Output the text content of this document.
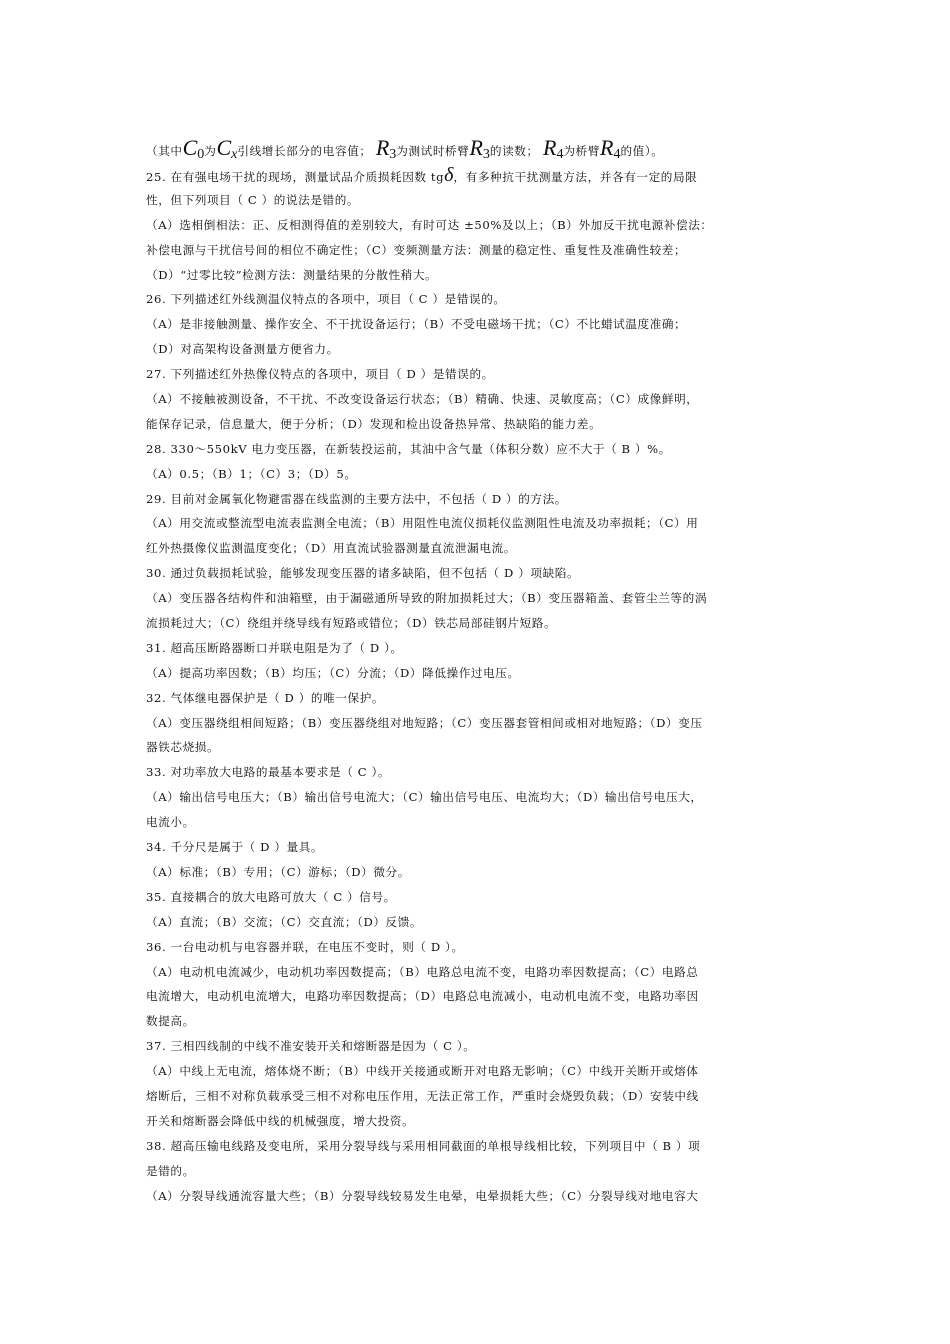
（其中C0为Cx引线增长部分的电容值； R3为测试时桥臂R3的读数； R4为桥臂R4的值）。
25. 在有强电场干扰的现场，测量试品介质损耗因数 tgδ，有多种抗干扰测量方法，并各有一定的局限
性，但下列项目（ C ）的说法是错的。
（A）选相倒相法：正、反相测得值的差别较大，有时可达 ±50%及以上；（B）外加反干扰电源补偿法：
补偿电源与干扰信号间的相位不确定性；（C）变频测量方法：测量的稳定性、重复性及准确性较差；
（D）“过零比较”检测方法：测量结果的分散性稍大。
26. 下列描述红外线测温仪特点的各项中，项目（ C ）是错误的。
（A）是非接触测量、操作安全、不干扰设备运行；（B）不受电磁场干扰；（C）不比蜡试温度准确；
（D）对高架构设备测量方便省力。
27. 下列描述红外热像仪特点的各项中，项目（ D ）是错误的。
（A）不接触被测设备，不干扰、不改变设备运行状态；（B）精确、快速、灵敏度高；（C）成像鲜明，
能保存记录，信息量大，便于分析；（D）发现和检出设备热异常、热缺陷的能力差。
28. 330～550kV 电力变压器，在新装投运前，其油中含气量（体积分数）应不大于（ B ）%。
（A）0.5；（B）1；（C）3；（D）5。
29. 目前对金属氧化物避雷器在线监测的主要方法中，不包括（ D ）的方法。
（A）用交流或整流型电流表监测全电流；（B）用阻性电流仪损耗仪监测阻性电流及功率损耗；（C）用
红外热摄像仪监测温度变化；（D）用直流试验器测量直流泄漏电流。
30. 通过负载损耗试验，能够发现变压器的诸多缺陷，但不包括（ D ）项缺陷。
（A）变压器各结构件和油箱壁，由于漏磁通所导致的附加损耗过大；（B）变压器箱盖、套管尘兰等的涡
流损耗过大；（C）绕组并绕导线有短路或错位；（D）铁芯局部硅钢片短路。
31. 超高压断路器断口并联电阻是为了（ D ）。
（A）提高功率因数；（B）均压；（C）分流；（D）降低操作过电压。
32. 气体继电器保护是（ D ）的唯一保护。
（A）变压器绕组相间短路；（B）变压器绕组对地短路；（C）变压器套管相间或相对地短路；（D）变压
器铁芯烧损。
33. 对功率放大电路的最基本要求是（ C ）。
（A）输出信号电压大；（B）输出信号电流大；（C）输出信号电压、电流均大；（D）输出信号电压大，
电流小。
34. 千分尺是属于（ D ）量具。
（A）标准；（B）专用；（C）游标；（D）微分。
35. 直接耦合的放大电路可放大（ C ）信号。
（A）直流；（B）交流；（C）交直流；（D）反馈。
36. 一台电动机与电容器并联，在电压不变时，则（ D ）。
（A）电动机电流减少，电动机功率因数提高；（B）电路总电流不变，电路功率因数提高；（C）电路总
电流增大，电动机电流增大，电路功率因数提高；（D）电路总电流减小，电动机电流不变，电路功率因
数提高。
37. 三相四线制的中线不准安装开关和熔断器是因为（ C ）。
（A）中线上无电流，熔体烧不断；（B）中线开关接通或断开对电路无影响；（C）中线开关断开或熔体
熔断后，三相不对称负载承受三相不对称电压作用，无法正常工作，严重时会烧毁负载；（D）安装中线
开关和熔断器会降低中线的机械强度，增大投资。
38. 超高压输电线路及变电所，采用分裂导线与采用相同截面的单根导线相比较，下列项目中（ B ）项
是错的。
（A）分裂导线通流容量大些；（B）分裂导线较易发生电晕，电晕损耗大些；（C）分裂导线对地电容大
